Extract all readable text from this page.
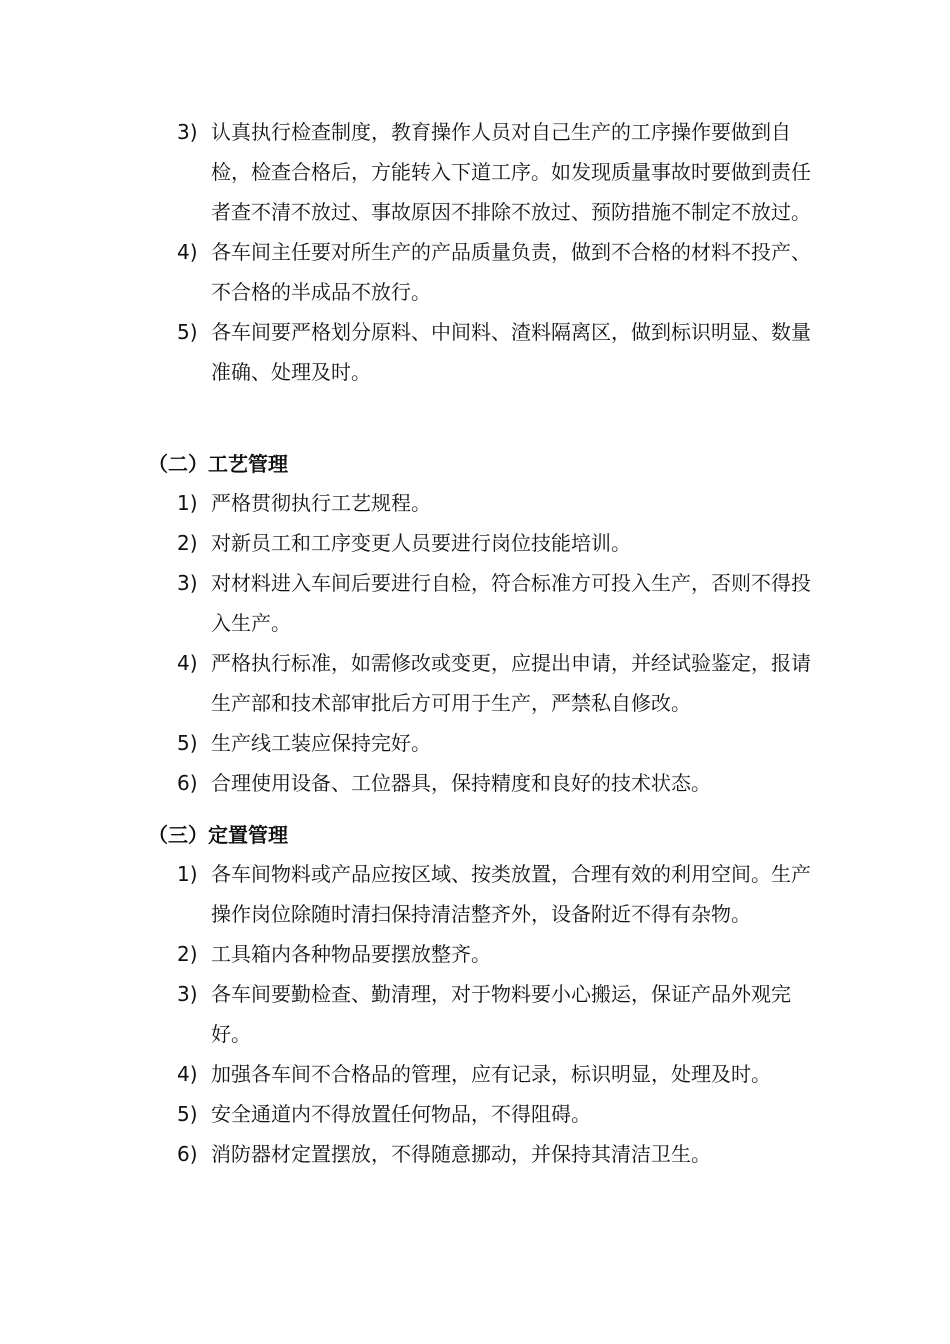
3) 认真执行检查制度，教育操作人员对自己生产的工序操作要做到自检，检查合格后，方能转入下道工序。如发现质量事故时要做到责任者查不清不放过、事故原因不排除不放过、预防措施不制定不放过。
4) 各车间主任要对所生产的产品质量负责，做到不合格的材料不投产、不合格的半成品不放行。
5) 各车间要严格划分原料、中间料、渣料隔离区，做到标识明显、数量准确、处理及时。
（二）工艺管理
1) 严格贯彻执行工艺规程。
2) 对新员工和工序变更人员要进行岗位技能培训。
3) 对材料进入车间后要进行自检，符合标准方可投入生产，否则不得投入生产。
4) 严格执行标准，如需修改或变更，应提出申请，并经试验鉴定，报请生产部和技术部审批后方可用于生产，严禁私自修改。
5) 生产线工装应保持完好。
6) 合理使用设备、工位器具，保持精度和良好的技术状态。
（三）定置管理
1) 各车间物料或产品应按区域、按类放置，合理有效的利用空间。生产操作岗位除随时清扫保持清洁整齐外，设备附近不得有杂物。
2) 工具箱内各种物品要摆放整齐。
3) 各车间要勤检查、勤清理，对于物料要小心搬运，保证产品外观完好。
4) 加强各车间不合格品的管理，应有记录，标识明显，处理及时。
5) 安全通道内不得放置任何物品，不得阻碍。
6) 消防器材定置摆放，不得随意挪动，并保持其清洁卫生。
